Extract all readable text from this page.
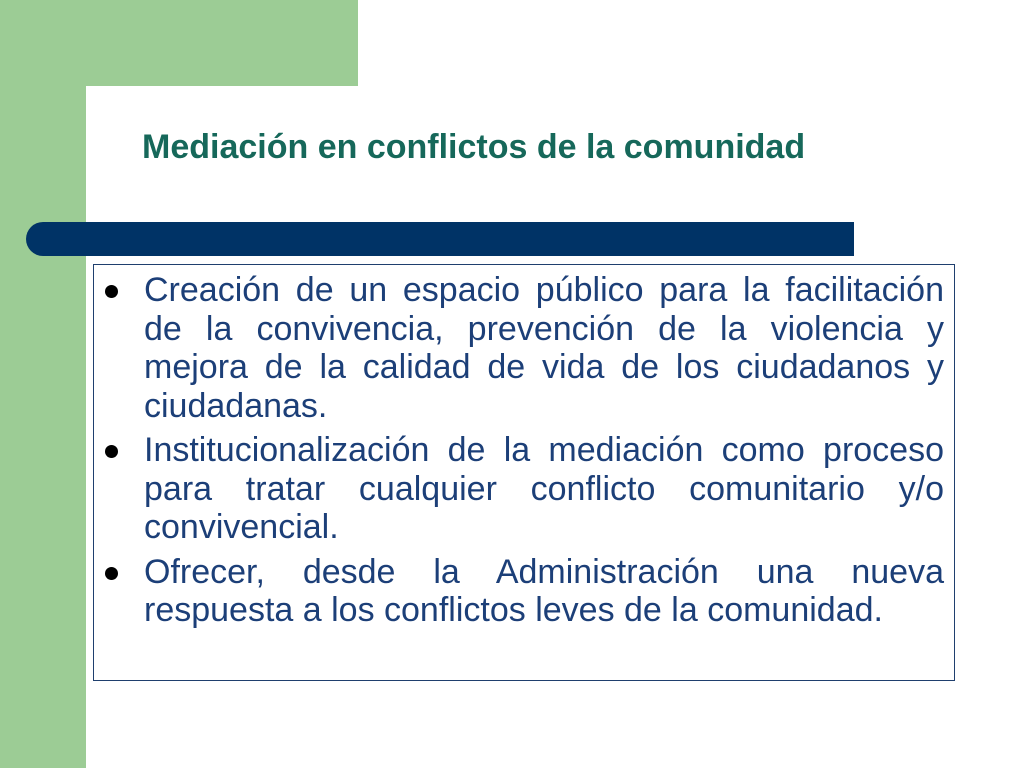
Mediación en conflictos de la comunidad
Creación de un espacio público para la facilitación de la convivencia, prevención de la violencia y mejora de la calidad de vida de los ciudadanos y ciudadanas.
Institucionalización de la mediación como proceso para tratar cualquier conflicto comunitario y/o convivencial.
Ofrecer, desde la Administración una nueva respuesta a los conflictos leves de la comunidad.
